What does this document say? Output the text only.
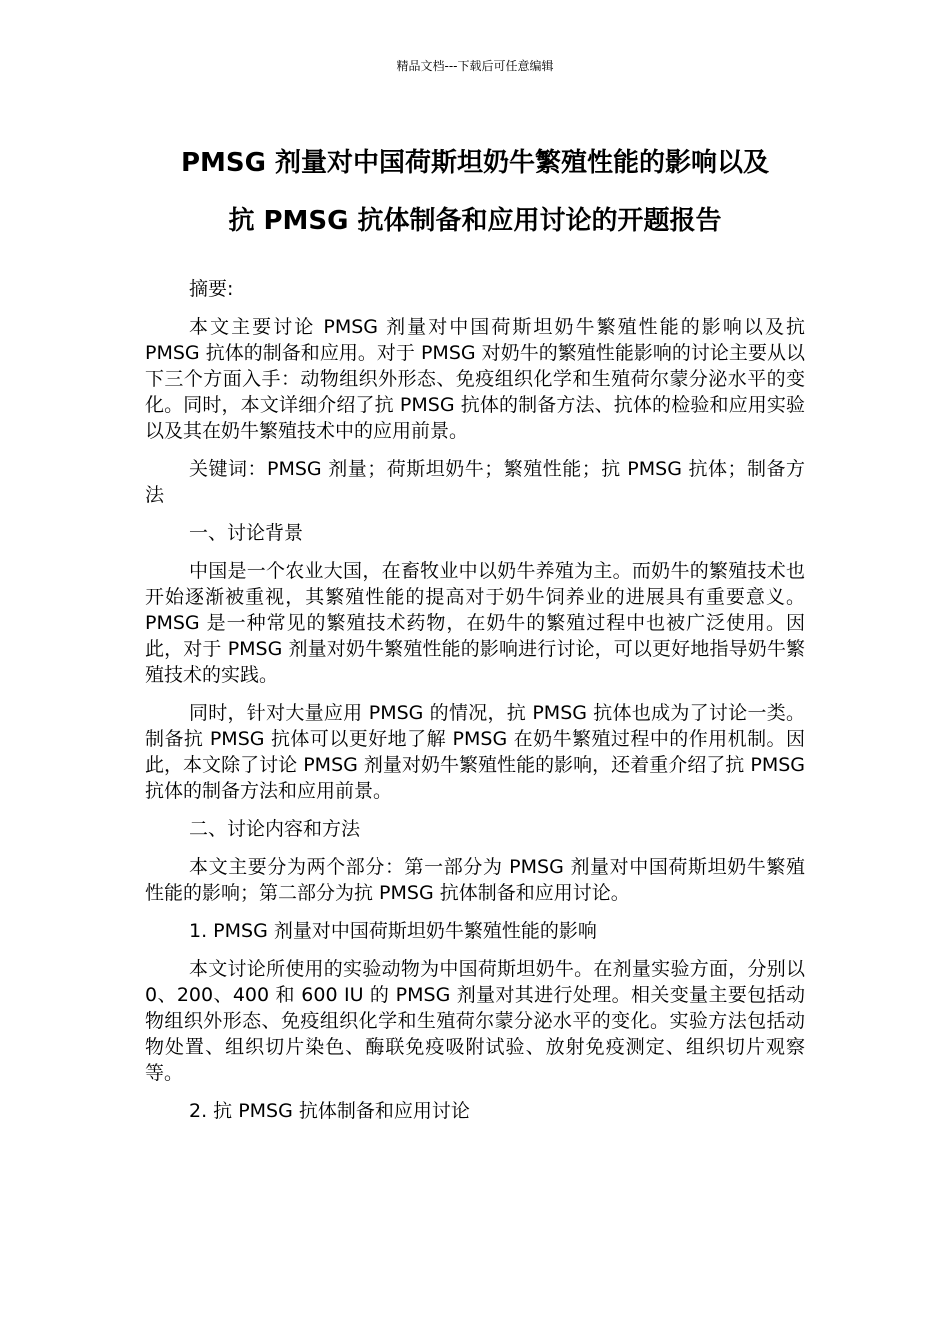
精品文档---下载后可任意编辑
PMSG 剂量对中国荷斯坦奶牛繁殖性能的影响以及
抗 PMSG 抗体制备和应用讨论的开题报告

摘要:

本文主要讨论 PMSG 剂量对中国荷斯坦奶牛繁殖性能的影响以及抗 PMSG 抗体的制备和应用。对于 PMSG 对奶牛的繁殖性能影响的讨论主要从以下三个方面入手：动物组织外形态、免疫组织化学和生殖荷尔蒙分泌水平的变化。同时，本文详细介绍了抗 PMSG 抗体的制备方法、抗体的检验和应用实验以及其在奶牛繁殖技术中的应用前景。

关键词：PMSG 剂量；荷斯坦奶牛；繁殖性能；抗 PMSG 抗体；制备方法

一、讨论背景

中国是一个农业大国，在畜牧业中以奶牛养殖为主。而奶牛的繁殖技术也开始逐渐被重视，其繁殖性能的提高对于奶牛饲养业的进展具有重要意义。PMSG 是一种常见的繁殖技术药物，在奶牛的繁殖过程中也被广泛使用。因此，对于 PMSG 剂量对奶牛繁殖性能的影响进行讨论，可以更好地指导奶牛繁殖技术的实践。

同时，针对大量应用 PMSG 的情况，抗 PMSG 抗体也成为了讨论一类。制备抗 PMSG 抗体可以更好地了解 PMSG 在奶牛繁殖过程中的作用机制。因此，本文除了讨论 PMSG 剂量对奶牛繁殖性能的影响，还着重介绍了抗 PMSG 抗体的制备方法和应用前景。

二、讨论内容和方法

本文主要分为两个部分：第一部分为 PMSG 剂量对中国荷斯坦奶牛繁殖性能的影响；第二部分为抗 PMSG 抗体制备和应用讨论。

1. PMSG 剂量对中国荷斯坦奶牛繁殖性能的影响

本文讨论所使用的实验动物为中国荷斯坦奶牛。在剂量实验方面，分别以 0、200、400 和 600 IU 的 PMSG 剂量对其进行处理。相关变量主要包括动物组织外形态、免疫组织化学和生殖荷尔蒙分泌水平的变化。实验方法包括动物处置、组织切片染色、酶联免疫吸附试验、放射免疫测定、组织切片观察等。

2. 抗 PMSG 抗体制备和应用讨论
